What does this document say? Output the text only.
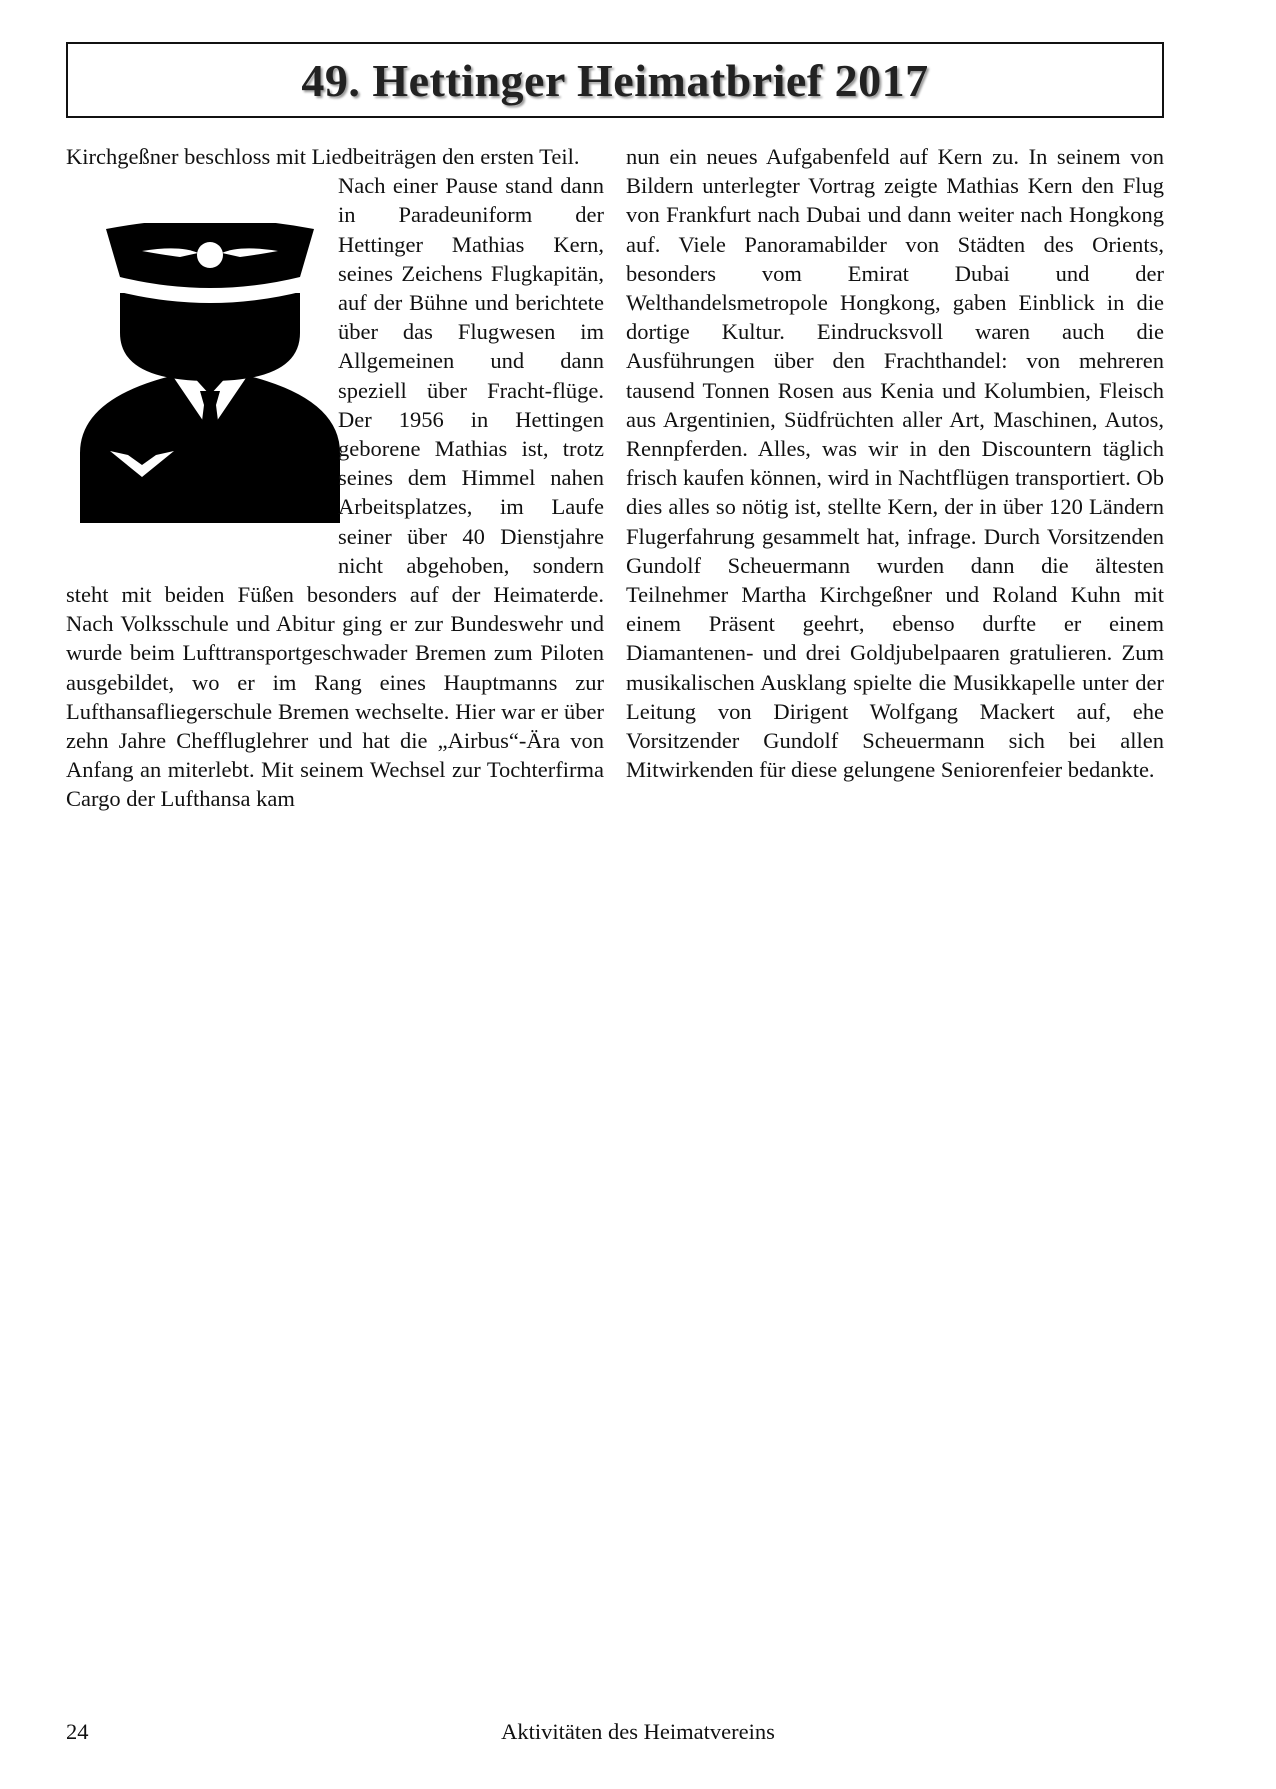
49. Hettinger Heimatbrief 2017

Kirchgeßner beschloss mit Liedbeiträgen den ersten Teil.

Nach einer Pause stand dann in Paradeuniform der Hettinger Mathias Kern, seines Zeichens Flugkapitän, auf der Bühne und berichtete über das Flugwesen im Allgemeinen und dann speziell über Fracht-flüge. Der 1956 in Hettingen geborene Mathias ist, trotz seines dem Himmel nahen Arbeitsplatzes, im Laufe seiner über 40 Dienstjahre nicht abgehoben, sondern steht mit beiden Füßen besonders auf der Heimaterde. Nach Volksschule und Abitur ging er zur Bundeswehr und wurde beim Lufttransportgeschwader Bremen zum Piloten ausgebildet, wo er im Rang eines Hauptmanns zur Lufthansafliegerschule Bremen wechselte. Hier war er über zehn Jahre Cheffluglehrer und hat die „Airbus“-Ära von Anfang an miterlebt. Mit seinem Wechsel zur Tochterfirma Cargo der Lufthansa kam

nun ein neues Aufgabenfeld auf Kern zu. In seinem von Bildern unterlegter Vortrag zeigte Mathias Kern den Flug von Frankfurt nach Dubai und dann weiter nach Hongkong auf. Viele Panoramabilder von Städten des Orients, besonders vom Emirat Dubai und der Welthandelsmetropole Hongkong, gaben Einblick in die dortige Kultur. Eindrucksvoll waren auch die Ausführungen über den Frachthandel: von mehreren tausend Tonnen Rosen aus Kenia und Kolumbien, Fleisch aus Argentinien, Südfrüchten aller Art, Maschinen, Autos, Rennpferden. Alles, was wir in den Discountern täglich frisch kaufen können, wird in Nachtflügen transportiert. Ob dies alles so nötig ist, stellte Kern, der in über 120 Ländern Flugerfahrung gesammelt hat, infrage. Durch Vorsitzenden Gundolf Scheuermann wurden dann die ältesten Teilnehmer Martha Kirchgeßner und Roland Kuhn mit einem Präsent geehrt, ebenso durfte er einem Diamantenen- und drei Goldjubelpaaren gratulieren. Zum musikalischen Ausklang spielte die Musikkapelle unter der Leitung von Dirigent Wolfgang Mackert auf, ehe Vorsitzender Gundolf Scheuermann sich bei allen Mitwirkenden für diese gelungene Seniorenfeier bedankte.

24	Aktivitäten des Heimatvereins
